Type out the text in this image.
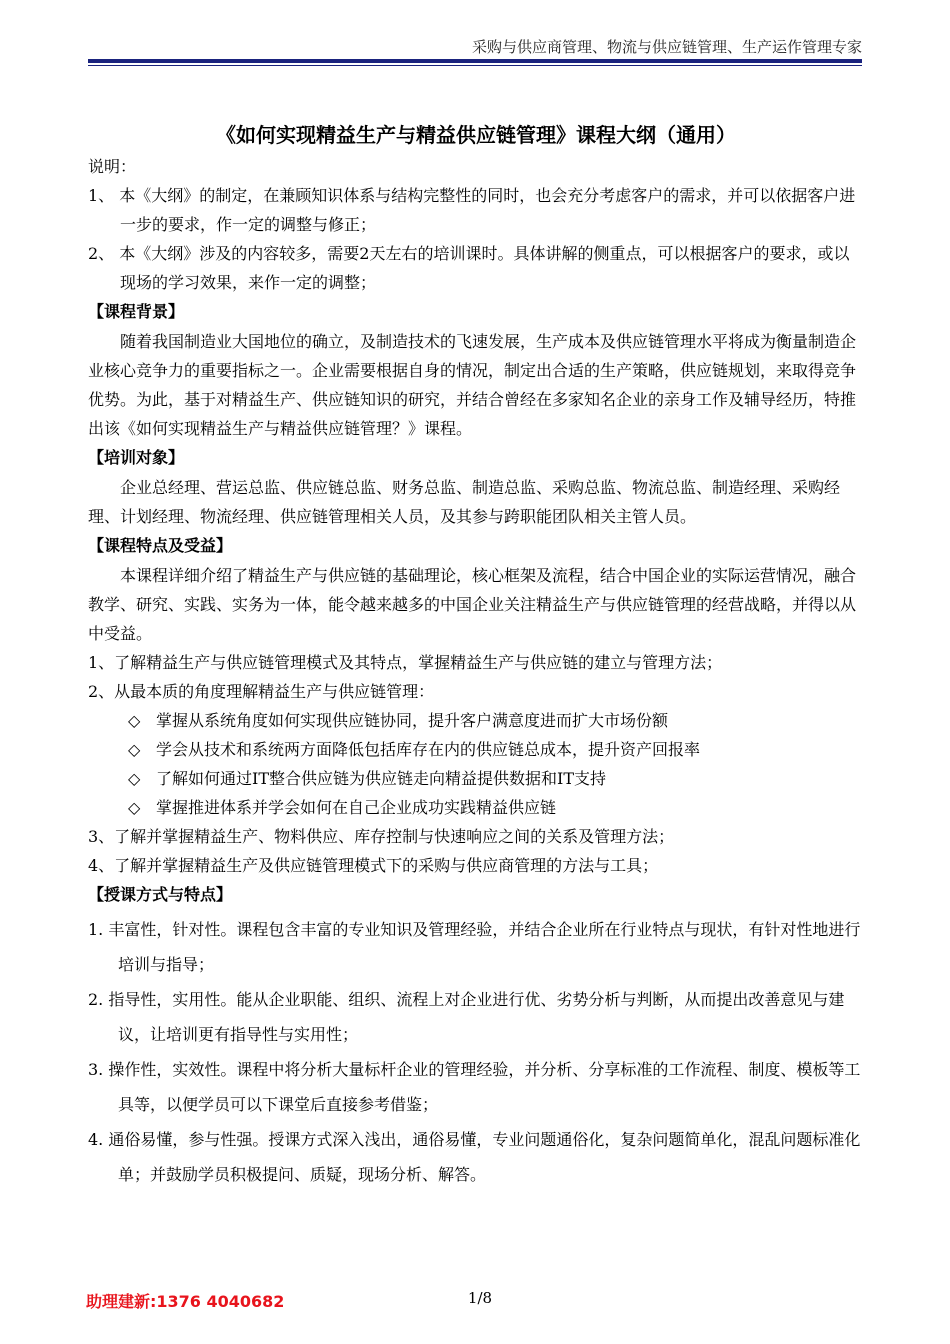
采购与供应商管理、物流与供应链管理、生产运作管理专家
《如何实现精益生产与精益供应链管理》课程大纲（通用）

说明：

1、 本《大纲》的制定，在兼顾知识体系与结构完整性的同时，也会充分考虑客户的需求，并可以依据客户进一步的要求，作一定的调整与修正；

2、 本《大纲》涉及的内容较多，需要2天左右的培训课时。具体讲解的侧重点，可以根据客户的要求，或以现场的学习效果，来作一定的调整；

【课程背景】

随着我国制造业大国地位的确立，及制造技术的飞速发展，生产成本及供应链管理水平将成为衡量制造企业核心竞争力的重要指标之一。企业需要根据自身的情况，制定出合适的生产策略，供应链规划，来取得竞争优势。为此，基于对精益生产、供应链知识的研究，并结合曾经在多家知名企业的亲身工作及辅导经历，特推出该《如何实现精益生产与精益供应链管理？》课程。

【培训对象】

企业总经理、营运总监、供应链总监、财务总监、制造总监、采购总监、物流总监、制造经理、采购经理、计划经理、物流经理、供应链管理相关人员，及其参与跨职能团队相关主管人员。

【课程特点及受益】

本课程详细介绍了精益生产与供应链的基础理论，核心框架及流程，结合中国企业的实际运营情况，融合教学、研究、实践、实务为一体，能令越来越多的中国企业关注精益生产与供应链管理的经营战略，并得以从中受益。

1、了解精益生产与供应链管理模式及其特点，掌握精益生产与供应链的建立与管理方法；

2、从最本质的角度理解精益生产与供应链管理：

◇ 掌握从系统角度如何实现供应链协同，提升客户满意度进而扩大市场份额

◇ 学会从技术和系统两方面降低包括库存在内的供应链总成本，提升资产回报率

◇ 了解如何通过IT整合供应链为供应链走向精益提供数据和IT支持

◇ 掌握推进体系并学会如何在自己企业成功实践精益供应链

3、了解并掌握精益生产、物料供应、库存控制与快速响应之间的关系及管理方法；

4、了解并掌握精益生产及供应链管理模式下的采购与供应商管理的方法与工具；

【授课方式与特点】

1. 丰富性，针对性。课程包含丰富的专业知识及管理经验，并结合企业所在行业特点与现状，有针对性地进行培训与指导；

2. 指导性，实用性。能从企业职能、组织、流程上对企业进行优、劣势分析与判断，从而提出改善意见与建议，让培训更有指导性与实用性；

3. 操作性，实效性。课程中将分析大量标杆企业的管理经验，并分析、分享标准的工作流程、制度、模板等工具等，以便学员可以下课堂后直接参考借鉴；

4. 通俗易懂，参与性强。授课方式深入浅出，通俗易懂，专业问题通俗化，复杂问题简单化，混乱问题标准化单；并鼓励学员积极提问、质疑，现场分析、解答。

助理建新:1376 4040682	1/8
